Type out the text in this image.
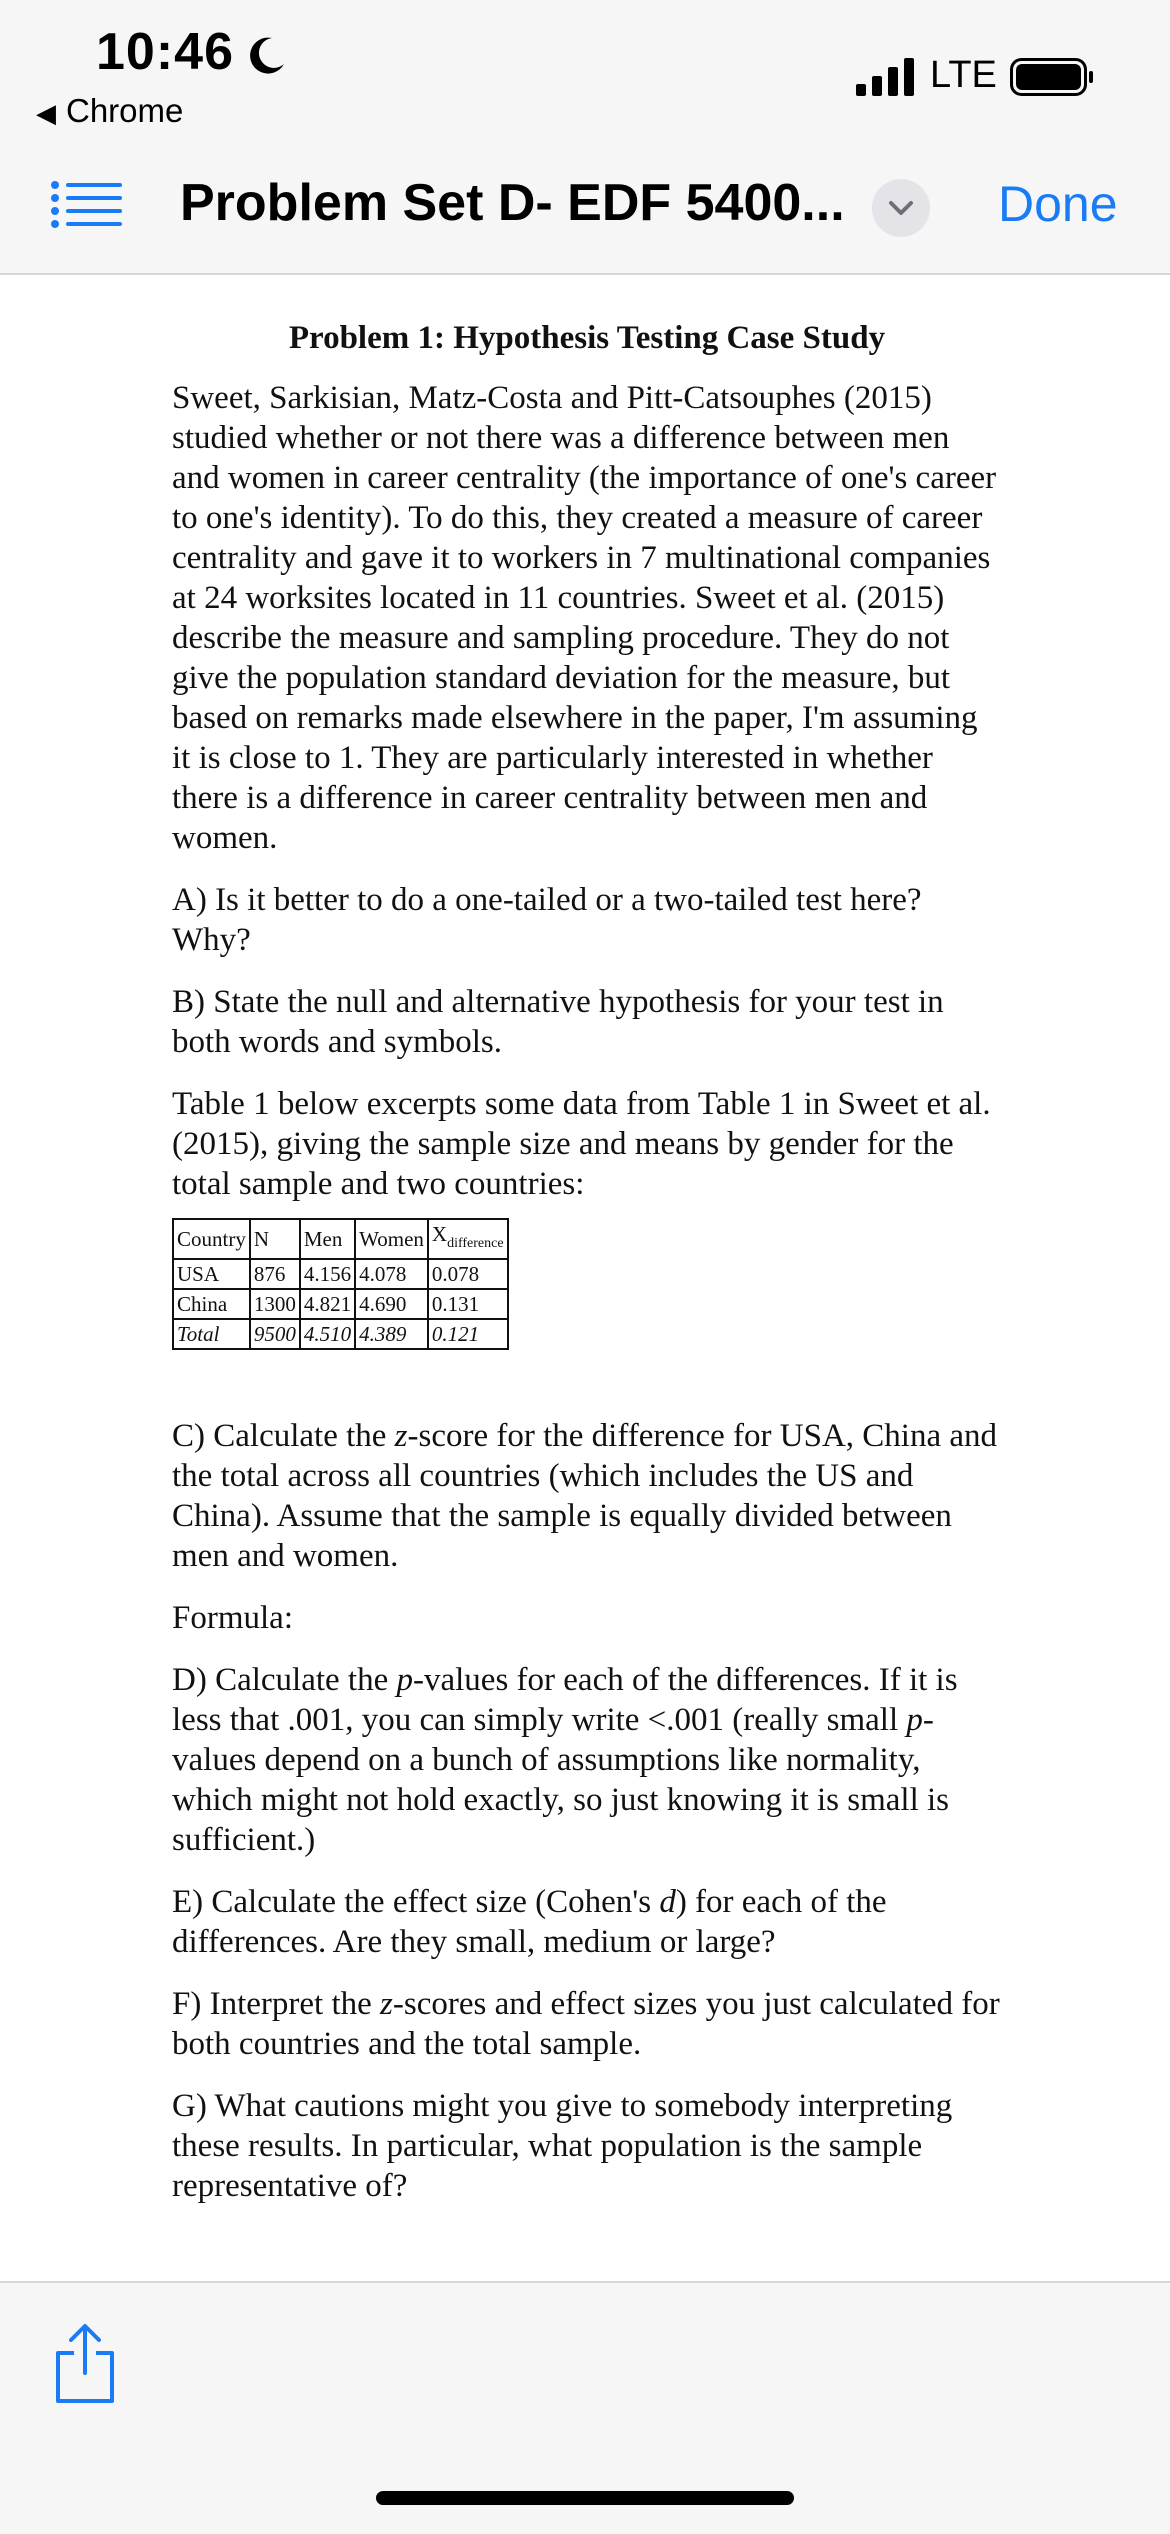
10:46
◀ Chrome
LTE
Problem Set D- EDF 5400...	Done
Problem 1: Hypothesis Testing Case Study

Sweet, Sarkisian, Matz-Costa and Pitt-Catsouphes (2015) studied whether or not there was a difference between men and women in career centrality (the importance of one's career to one's identity). To do this, they created a measure of career centrality and gave it to workers in 7 multinational companies at 24 worksites located in 11 countries. Sweet et al. (2015) describe the measure and sampling procedure. They do not give the population standard deviation for the measure, but based on remarks made elsewhere in the paper, I'm assuming it is close to 1. They are particularly interested in whether there is a difference in career centrality between men and women.

A) Is it better to do a one-tailed or a two-tailed test here? Why?

B) State the null and alternative hypothesis for your test in both words and symbols.

Table 1 below excerpts some data from Table 1 in Sweet et al. (2015), giving the sample size and means by gender for the total sample and two countries:

Country	N	Men	Women	$X_{difference}$
USA	876	4.156	4.078	0.078
China	1300	4.821	4.690	0.131
Total	9500	4.510	4.389	0.121

C) Calculate the z-score for the difference for USA, China and the total across all countries (which includes the US and China). Assume that the sample is equally divided between men and women.

Formula:

D) Calculate the p-values for each of the differences. If it is less that .001, you can simply write <.001 (really small p-values depend on a bunch of assumptions like normality, which might not hold exactly, so just knowing it is small is sufficient.)

E) Calculate the effect size (Cohen's d) for each of the differences. Are they small, medium or large?

F) Interpret the z-scores and effect sizes you just calculated for both countries and the total sample.

G) What cautions might you give to somebody interpreting these results. In particular, what population is the sample representative of?
